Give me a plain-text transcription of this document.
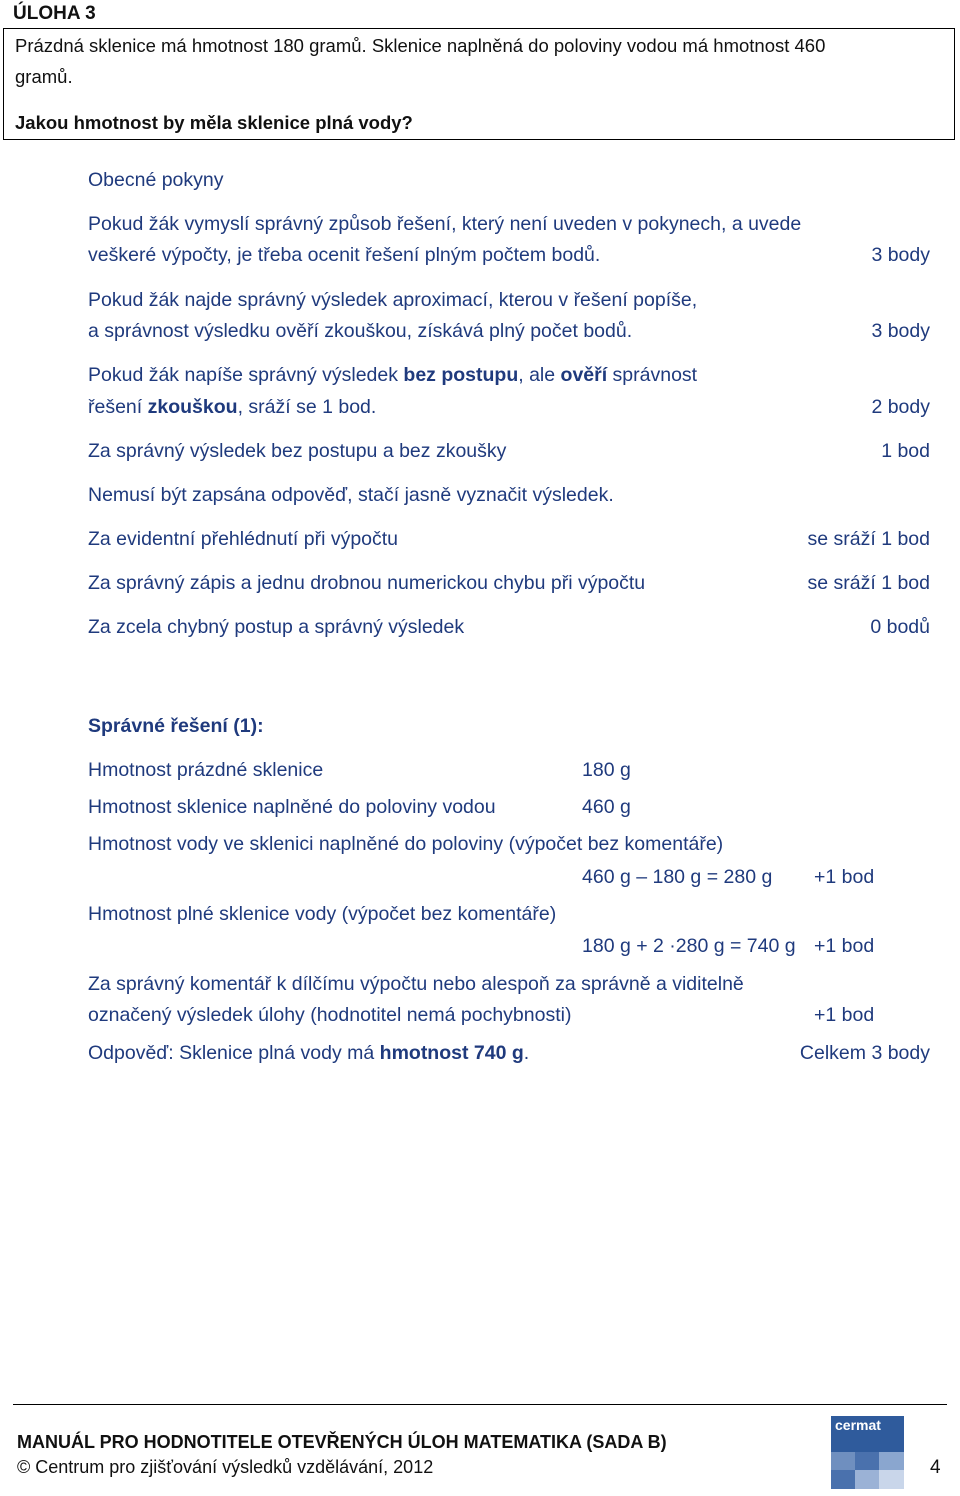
ÚLOHA 3
Prázdná sklenice má hmotnost 180 gramů. Sklenice naplněná do poloviny vodou má hmotnost 460
gramů.
Jakou hmotnost by měla sklenice plná vody?
Obecné pokyny
Pokud žák vymyslí správný způsob řešení, který není uveden v pokynech, a uvede
veškeré výpočty, je třeba ocenit řešení plným počtem bodů.	3 body
Pokud žák najde správný výsledek aproximací, kterou v řešení popíše,
a správnost výsledku ověří zkouškou, získává plný počet bodů.	3 body
Pokud žák napíše správný výsledek bez postupu, ale ověří správnost
řešení zkouškou, sráží se 1 bod.	2 body
Za správný výsledek bez postupu a bez zkoušky	1 bod
Nemusí být zapsána odpověď, stačí jasně vyznačit výsledek.
Za evidentní přehlédnutí při výpočtu	se sráží 1 bod
Za správný zápis a jednu drobnou numerickou chybu při výpočtu	se sráží 1 bod
Za zcela chybný postup a správný výsledek	0 bodů
Správné řešení (1):
Hmotnost prázdné sklenice	180 g
Hmotnost sklenice naplněné do poloviny vodou	460 g
Hmotnost vody ve sklenici naplněné do poloviny (výpočet bez komentáře)
460 g – 180 g = 280 g +1 bod
Hmotnost plné sklenice vody (výpočet bez komentáře)
180 g + 2 ·280 g = 740 g +1 bod
Za správný komentář k dílčímu výpočtu nebo alespoň za správně a viditelně
označený výsledek úlohy (hodnotitel nemá pochybnosti)	+1 bod
Odpověď: Sklenice plná vody má hmotnost 740 g.	Celkem 3 body
MANUÁL PRO HODNOTITELE OTEVŘENÝCH ÚLOH MATEMATIKA (SADA B)
© Centrum pro zjišťování výsledků vzdělávání, 2012	4
cermat
